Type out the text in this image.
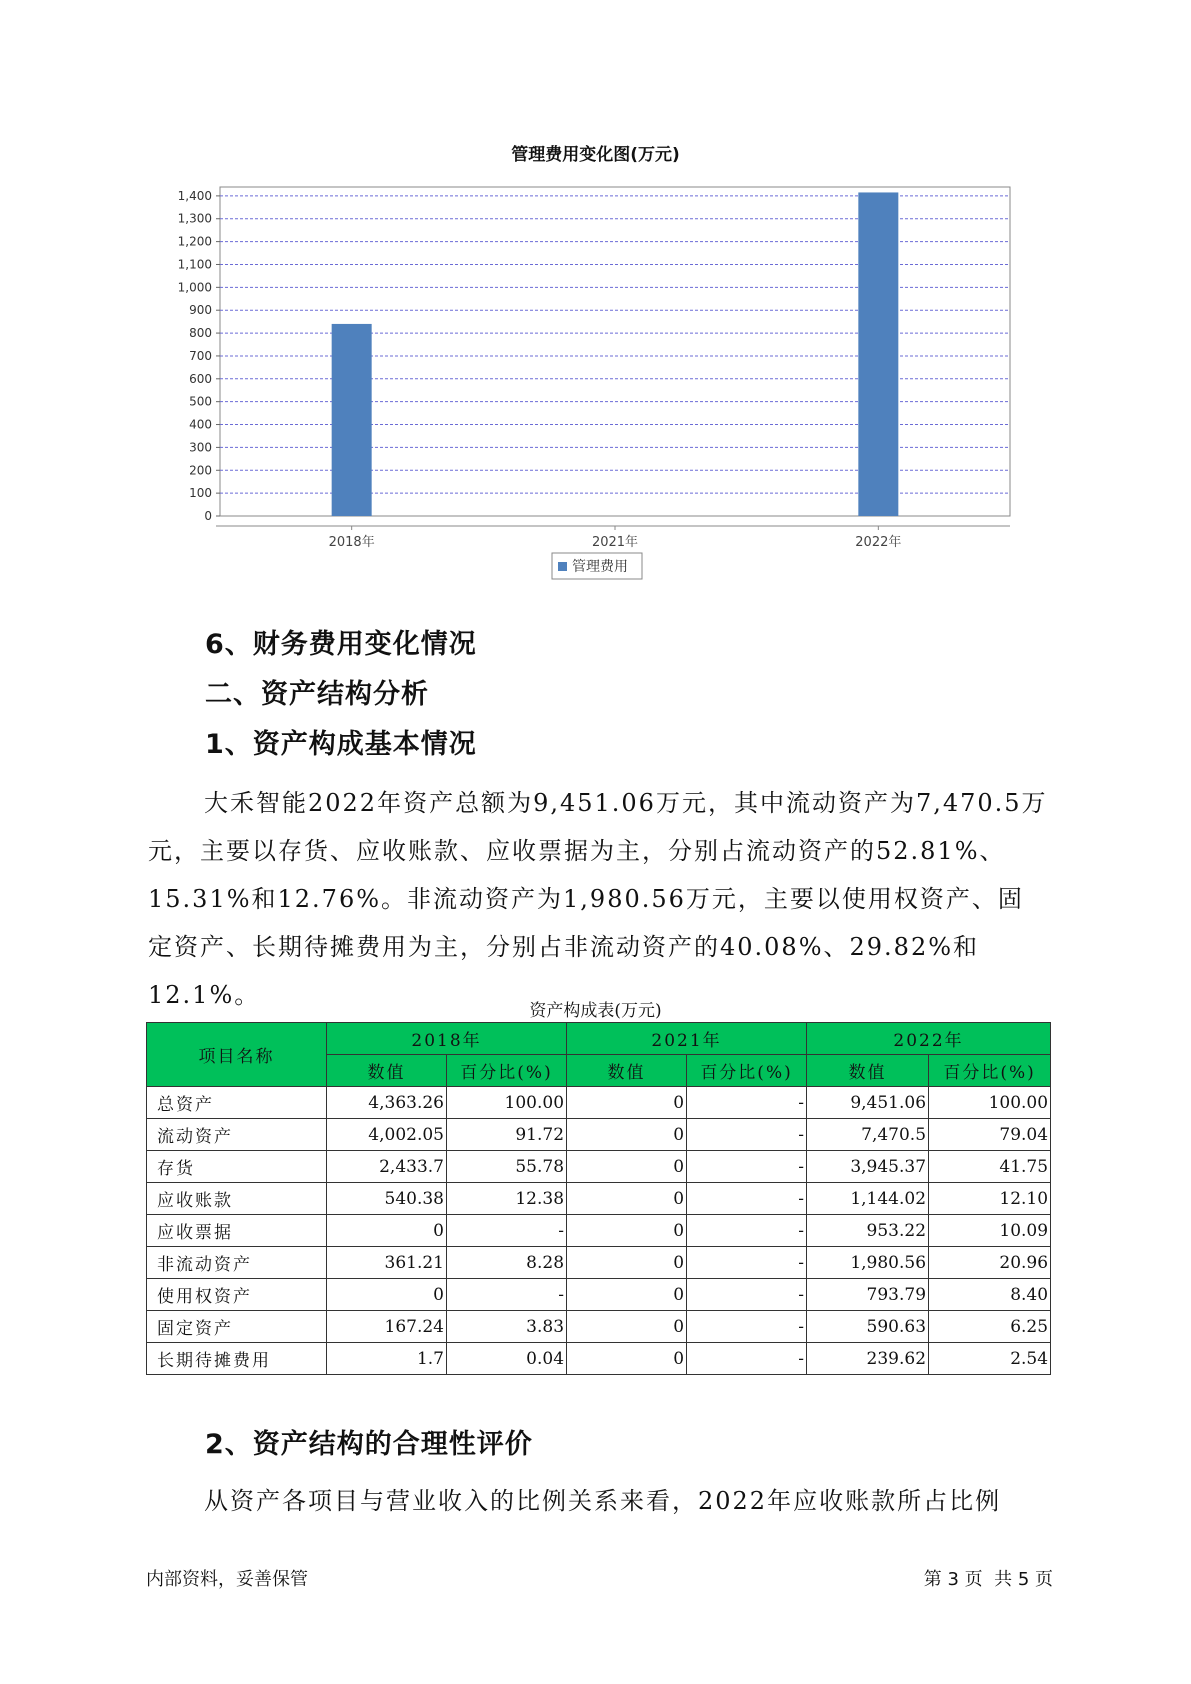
管理费用变化图(万元)
0
100
200
300
400
500
600
700
800
900
1,000
1,100
1,200
1,300
1,400
2018年	2021年	2022年
管理费用
6、财务费用变化情况
二、资产结构分析
1、资产构成基本情况

大禾智能2022年资产总额为9,451.06万元，其中流动资产为7,470.5万元，主要以存货、应收账款、应收票据为主，分别占流动资产的52.81%、15.31%和12.76%。非流动资产为1,980.56万元，主要以使用权资产、固定资产、长期待摊费用为主，分别占非流动资产的40.08%、29.82%和12.1%。

资产构成表(万元)
项目名称	2018年		2021年		2022年	
	数值	百分比(%)	数值	百分比(%)	数值	百分比(%)
总资产	4,363.26	100.00	0	-	9,451.06	100.00
流动资产	4,002.05	91.72	0	-	7,470.5	79.04
存货	2,433.7	55.78	0	-	3,945.37	41.75
应收账款	540.38	12.38	0	-	1,144.02	12.10
应收票据	0	-	0	-	953.22	10.09
非流动资产	361.21	8.28	0	-	1,980.56	20.96
使用权资产	0	-	0	-	793.79	8.40
固定资产	167.24	3.83	0	-	590.63	6.25
长期待摊费用	1.7	0.04	0	-	239.62	2.54
2、资产结构的合理性评价

从资产各项目与营业收入的比例关系来看，2022年应收账款所占比例

内部资料，妥善保管	第 3 页  共 5 页
